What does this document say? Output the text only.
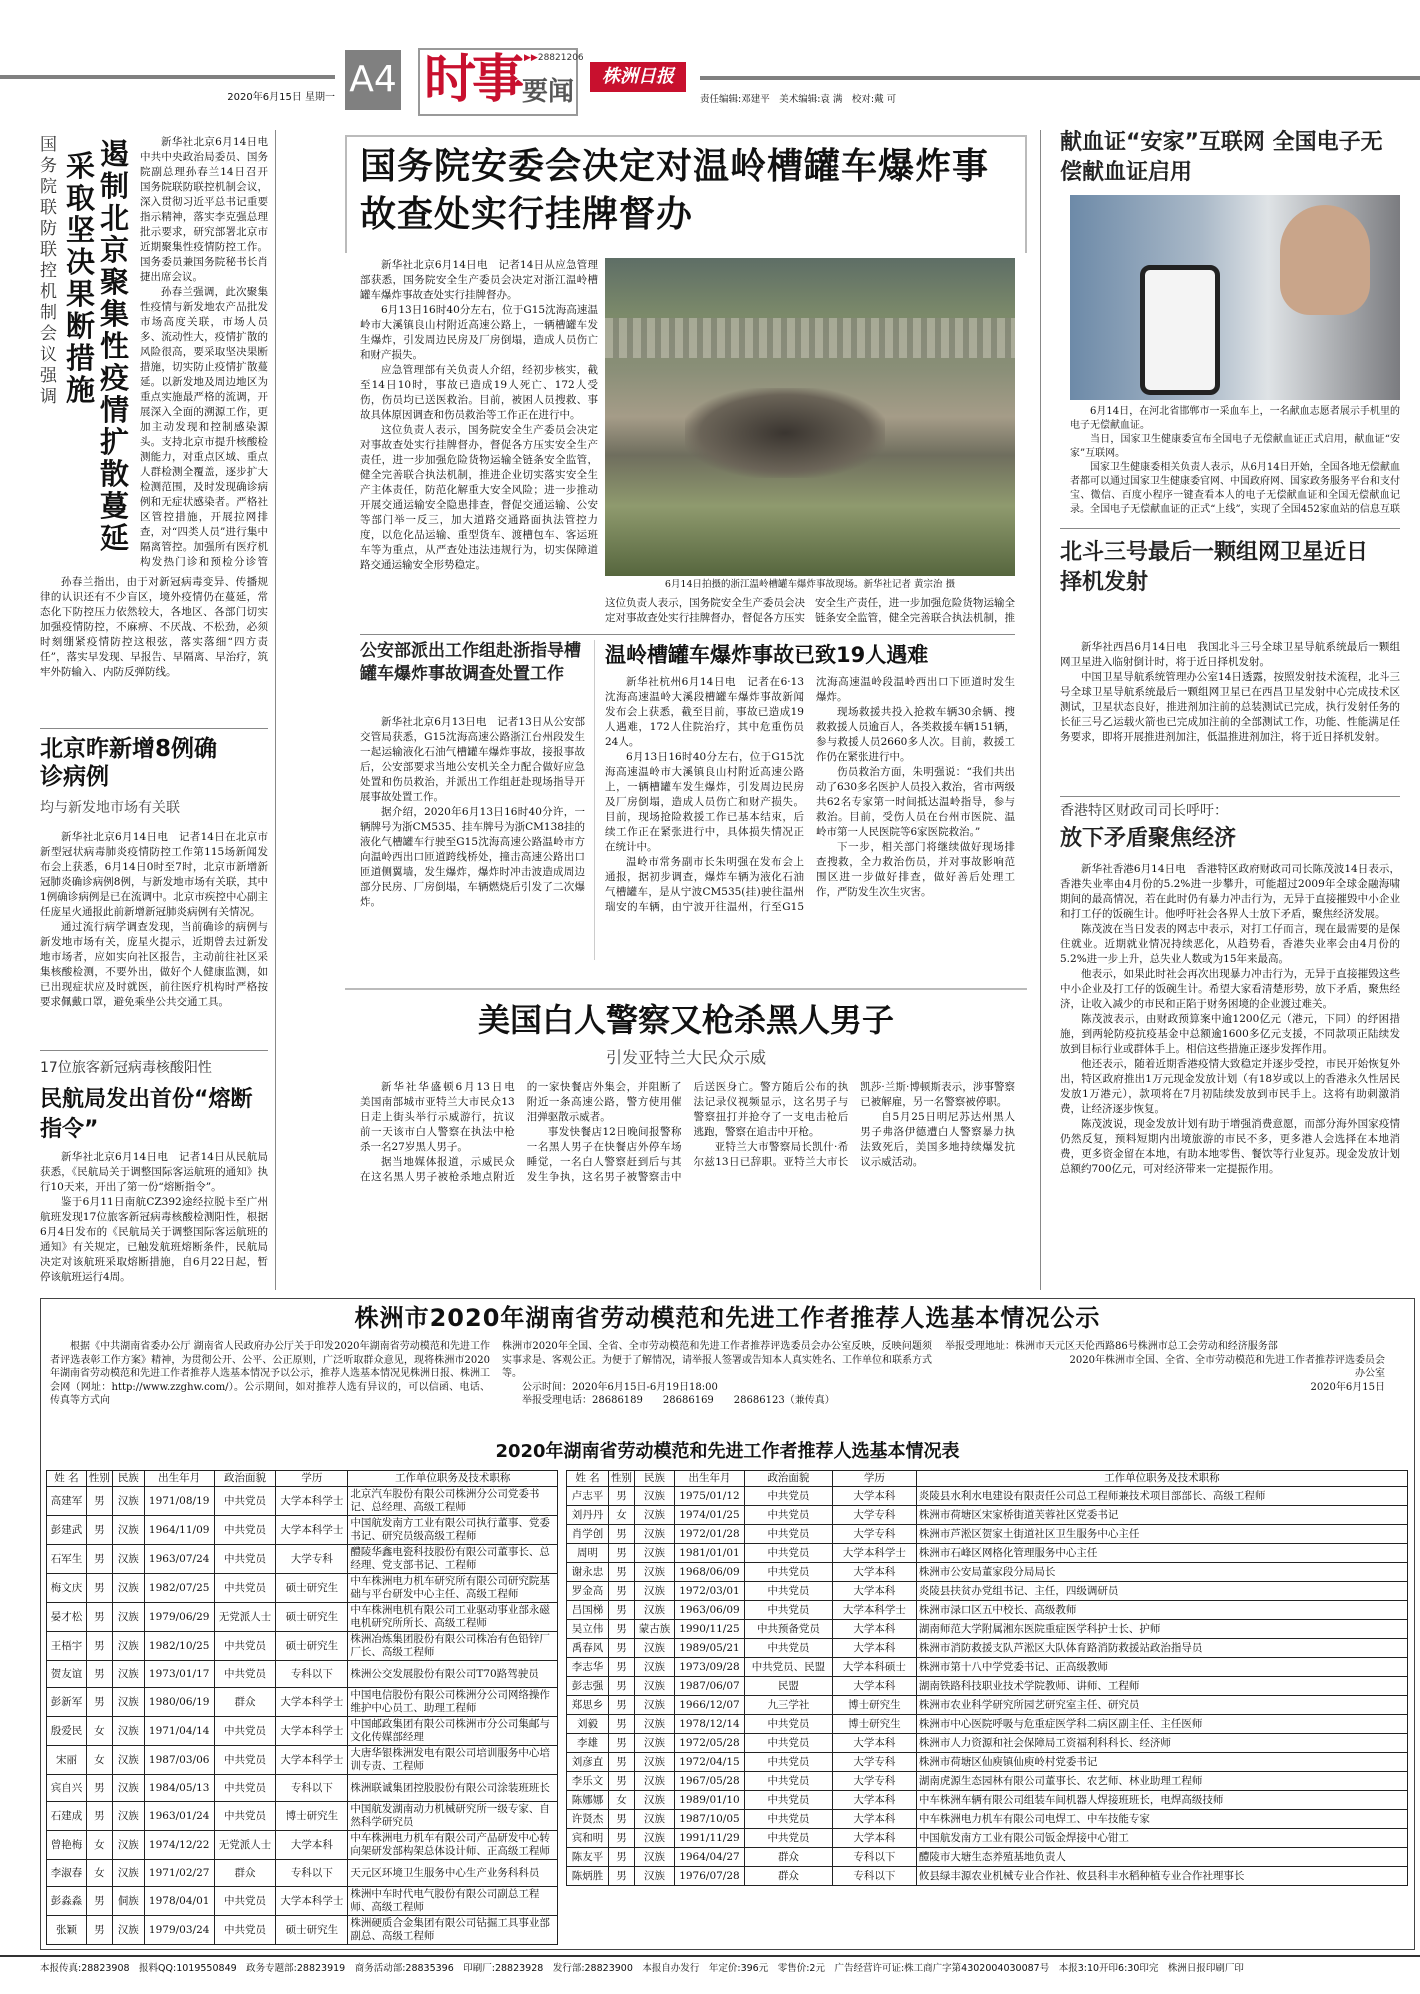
2020年6月15日 星期一 A4 时事 要闻
▶▶28821206
株洲日报
责任编辑:邓建平　美术编辑:袁 满　校对:戴 可
国务院联防联控机制会议强调
采取坚决果断措施
遏制北京聚集性疫情扩散蔓延

新华社北京6月14日电　中共中央政治局委员、国务院副总理孙春兰14日召开国务院联防联控机制会议，深入贯彻习近平总书记重要指示精神，落实李克强总理批示要求，研究部署北京市近期聚集性疫情防控工作。国务委员兼国务院秘书长肖捷出席会议。

孙春兰强调，此次聚集性疫情与新发地农产品批发市场高度关联，市场人员多、流动性大，疫情扩散的风险很高，要采取坚决果断措施，切实防止疫情扩散蔓延。以新发地及周边地区为重点实施最严格的流调，开展深入全面的溯源工作，更加主动发现和控制感染源头。支持北京市提升核酸检测能力，对重点区域、重点人群检测全覆盖，逐步扩大检测范围，及时发现确诊病例和无症状感染者。严格社区管控措施，开展拉网排查，对“四类人员”进行集中隔离管控。加强所有医疗机构发热门诊和预检分诊管

孙春兰指出，由于对新冠病毒变异、传播规律的认识还有不少盲区，境外疫情仍在蔓延，常态化下防控压力依然较大，各地区、各部门切实加强疫情防控，不麻痹、不厌战、不松劲，必须时刻绷紧疫情防控这根弦，落实落细“四方责任”，落实早发现、早报告、早隔离、早治疗，筑牢外防输入、内防反弹防线。

北京昨新增8例确诊病例
均与新发地市场有关联

新华社北京6月14日电　记者14日在北京市新型冠状病毒肺炎疫情防控工作第115场新闻发布会上获悉，6月14日0时至7时，北京市新增新冠肺炎确诊病例8例，与新发地市场有关联，其中1例确诊病例是已在流调中。北京市疾控中心副主任庞星火通报此前新增新冠肺炎病例有关情况。

通过流行病学调查发现，当前确诊的病例与新发地市场有关，庞星火提示，近期曾去过新发地市场者，应如实向社区报告，主动前往社区采集核酸检测，不要外出，做好个人健康监测，如已出现症状应及时就医，前往医疗机构时严格按要求佩戴口罩，避免乘坐公共交通工具。

17位旅客新冠病毒核酸阳性
民航局发出首份“熔断指令”

新华社北京6月14日电　记者14日从民航局获悉，《民航局关于调整国际客运航班的通知》执行10天来，开出了第一份“熔断指令”。

鉴于6月11日南航CZ392途经拉脱卡至广州航班发现17位旅客新冠病毒核酸检测阳性，根据6月4日发布的《民航局关于调整国际客运航班的通知》有关规定，已触发航班熔断条件，民航局决定对该航班采取熔断措施，自6月22日起，暂停该航班运行4周。

国务院安委会决定对温岭槽罐车爆炸事故查处实行挂牌督办

新华社北京6月14日电　记者14日从应急管理部获悉，国务院安全生产委员会决定对浙江温岭槽罐车爆炸事故查处实行挂牌督办。

6月13日16时40分左右，位于G15沈海高速温岭市大溪镇良山村附近高速公路上，一辆槽罐车发生爆炸，引发周边民房及厂房倒塌，造成人员伤亡和财产损失。

应急管理部有关负责人介绍，经初步核实，截至14日10时，事故已造成19人死亡、172人受伤，伤员均已送医救治。目前，被困人员搜救、事故具体原因调查和伤员救治等工作正在进行中。

这位负责人表示，国务院安全生产委员会决定对事故查处实行挂牌督办，督促各方压实安全生产责任，进一步加强危险货物运输全链条安全监管，健全完善联合执法机制，推进企业切实落实安全生产主体责任，防范化解重大安全风险；进一步推动开展交通运输安全隐患排查，督促交通运输、公安等部门举一反三，加大道路交通路面执法管控力度，以危化品运输、重型货车、渡槽包车、客运班车等为重点，从严查处违法违规行为，切实保障道路交通运输安全形势稳定。

6月14日拍摄的浙江温岭槽罐车爆炸事故现场。新华社记者 黄宗治 摄

这位负责人表示，国务院安全生产委员会决定对事故查处实行挂牌督办，督促各方压实安全生产责任，进一步加强危险货物运输全链条安全监管，健全完善联合执法机制，推

公安部派出工作组赴浙指导槽罐车爆炸事故调查处置工作

新华社北京6月13日电　记者13日从公安部交管局获悉，G15沈海高速公路浙江台州段发生一起运输液化石油气槽罐车爆炸事故，接报事故后，公安部要求当地公安机关全力配合做好应急处置和伤员救治，并派出工作组赶赴现场指导开展事故处置工作。

据介绍，2020年6月13日16时40分许，一辆牌号为浙CM535、挂车牌号为浙CM138挂的液化气槽罐车行驶至G15沈海高速公路温岭市方向温岭西出口匝道跨线桥处，撞击高速公路出口匝道侧翼墙，发生爆炸，爆炸时冲击波造成周边部分民房、厂房倒塌，车辆燃烧后引发了二次爆炸。

温岭槽罐车爆炸事故已致19人遇难

新华社杭州6月14日电　记者在6·13沈海高速温岭大溪段槽罐车爆炸事故新闻发布会上获悉，截至目前，事故已造成19人遇难，172人住院治疗，其中危重伤员24人。

6月13日16时40分左右，位于G15沈海高速温岭市大溪镇良山村附近高速公路上，一辆槽罐车发生爆炸，引发周边民房及厂房倒塌，造成人员伤亡和财产损失。目前，现场抢险救援工作已基本结束，后续工作正在紧张进行中，具体损失情况正在统计中。

温岭市常务副市长朱明强在发布会上通报，据初步调查，爆炸车辆为液化石油气槽罐车，是从宁波CM535(挂)驶往温州瑞安的车辆，由宁波开往温州，行至G15沈海高速温岭段温岭西出口下匝道时发生爆炸。

现场救援共投入抢救车辆30余辆、搜救救援人员逾百人，各类救援车辆151辆，参与救援人员2660多人次。目前，救援工作仍在紧张进行中。

伤员救治方面，朱明强说：“我们共出动了630多名医护人员投入救治，省市两级共62名专家第一时间抵达温岭指导，参与救治。目前，受伤人员在台州市医院、温岭市第一人民医院等6家医院救治。”

下一步，相关部门将继续做好现场排查搜救，全力救治伤员，并对事故影响范围区进一步做好排查，做好善后处理工作，严防发生次生灾害。

美国白人警察又枪杀黑人男子
引发亚特兰大民众示威

新华社华盛顿6月13日电　美国南部城市亚特兰大市民众13日走上街头举行示威游行，抗议前一天该市白人警察在执法中枪杀一名27岁黑人男子。

据当地媒体报道，示威民众在这名黑人男子被枪杀地点附近的一家快餐店外集会，并阻断了附近一条高速公路，警方使用催泪弹驱散示威者。

事发快餐店12日晚间报警称一名黑人男子在快餐店外停车场睡觉，一名白人警察赶到后与其发生争执，这名男子被警察击中后送医身亡。警方随后公布的执法记录仪视频显示，这名男子与警察扭打并抢夺了一支电击枪后逃跑，警察在追击中开枪。

亚特兰大市警察局长凯什·希尔兹13日已辞职。亚特兰大市长凯莎·兰斯·博顿斯表示，涉事警察已被解雇，另一名警察被停职。

自5月25日明尼苏达州黑人男子弗洛伊德遭白人警察暴力执法致死后，美国多地持续爆发抗议示威活动。

献血证“安家”互联网 全国电子无偿献血证启用

6月14日，在河北省邯郸市一采血车上，一名献血志愿者展示手机里的电子无偿献血证。

当日，国家卫生健康委宣布全国电子无偿献血证正式启用，献血证“安家”互联网。

国家卫生健康委相关负责人表示，从6月14日开始，全国各地无偿献血者都可以通过国家卫生健康委官网、中国政府网、国家政务服务平台和支付宝、微信、百度小程序一键查看本人的电子无偿献血证和全国无偿献血记录。全国电子无偿献血证的正式“上线”，实现了全国452家血站的信息互联　

北斗三号最后一颗组网卫星近日择机发射

新华社西昌6月14日电　我国北斗三号全球卫星导航系统最后一颗组网卫星进入临射倒计时，将于近日择机发射。

中国卫星导航系统管理办公室14日透露，按照发射技术流程，北斗三号全球卫星导航系统最后一颗组网卫星已在西昌卫星发射中心完成技术区测试，卫星状态良好，推进剂加注前的总装测试已完成，执行发射任务的长征三号乙运载火箭也已完成加注前的全部测试工作，功能、性能满足任务要求，即将开展推进剂加注，低温推进剂加注，将于近日择机发射。

香港特区财政司司长呼吁：
放下矛盾聚焦经济

新华社香港6月14日电　香港特区政府财政司司长陈茂波14日表示，香港失业率由4月份的5.2%进一步攀升，可能超过2009年全球金融海啸期间的最高情况，若在此时仍有暴力冲击行为，无异于直接摧毁中小企业和打工仔的饭碗生计。他呼吁社会各界人士放下矛盾，聚焦经济发展。

陈茂波在当日发表的网志中表示，对打工仔而言，现在最需要的是保住就业。近期就业情况持续恶化，从趋势看，香港失业率会由4月份的5.2%进一步上升，总失业人数或为15年来最高。

他表示，如果此时社会再次出现暴力冲击行为，无异于直接摧毁这些中小企业及打工仔的饭碗生计。希望大家看清楚形势，放下矛盾，聚焦经济，让收入减少的市民和正陷于财务困境的企业渡过难关。

陈茂波表示，由财政预算案中逾1200亿元（港元，下同）的纾困措施，到两轮防疫抗疫基金中总额逾1600多亿元支援，不同款项正陆续发放到目标行业或群体手上。相信这些措施正逐步发挥作用。

他还表示，随着近期香港疫情大致稳定并逐步受控，市民开始恢复外出，特区政府推出1万元现金发放计划（有18岁或以上的香港永久性居民发放1万港元），款项将在7月初陆续发放到市民手上。这将有助刺激消费，让经济逐步恢复。

陈茂波说，现金发放计划有助于增强消费意愿，而部分海外国家疫情仍然反复，预料短期内出境旅游的市民不多，更多港人会选择在本地消费，更多资金留在本地，有助本地零售、餐饮等行业复苏。现金发放计划总额约700亿元，可对经济带来一定提振作用。

株洲市2020年湖南省劳动模范和先进工作者推荐人选基本情况公示
根据《中共湖南省委办公厅 湖南省人民政府办公厅关于印发2020年湖南省劳动模范和先进工作者评选表彰工作方案》精神，为贯彻公开、公平、公正原则，广泛听取群众意见，现将株洲市2020年湖南省劳动模范和先进工作者推荐人选基本情况予以公示，推荐人选基本情况见株洲日报、株洲工会网（网址：http://www.zzghw.com/）。公示期间，如对推荐人选有异议的，可以信函、电话、传真等方式向
株洲市2020年全国、全省、全市劳动模范和先进工作者推荐评选委员会办公室反映，反映问题须实事求是、客观公正。为便于了解情况，请举报人签署或告知本人真实姓名、工作单位和联系方式等。
公示时间：2020年6月15日-6月19日18:00
举报受理电话：28686189　　28686169　　28686123（兼传真）
举报受理地址：株洲市天元区天伦西路86号株洲市总工会劳动和经济服务部
2020年株洲市全国、全省、全市劳动模范和先进工作者推荐评选委员会办公室
2020年6月15日
2020年湖南省劳动模范和先进工作者推荐人选基本情况表
姓 名	性别	民族	出生年月	政治面貌	学历	工作单位职务及技术职称
高建军	男	汉族	1971/08/19	中共党员	大学本科学士	北京汽车股份有限公司株洲分公司党委书记、总经理、高级工程师
彭建武	男	汉族	1964/11/09	中共党员	大学本科学士	中国航发南方工业有限公司执行董事、党委书记、研究员级高级工程师
石军生	男	汉族	1963/07/24	中共党员	大学专科	醴陵华鑫电瓷科技股份有限公司董事长、总经理、党支部书记、工程师
梅文庆	男	汉族	1982/07/25	中共党员	硕士研究生	中车株洲电力机车研究所有限公司研究院基础与平台研发中心主任、高级工程师
晏才松	男	汉族	1979/06/29	无党派人士	硕士研究生	中车株洲电机有限公司工业驱动事业部永磁电机研究所所长、高级工程师
王梧宇	男	汉族	1982/10/25	中共党员	硕士研究生	株洲冶炼集团股份有限公司株冶有色铅锌厂厂长、高级工程师
贺友谊	男	汉族	1973/01/17	中共党员	专科以下	株洲公交发展股份有限公司T70路驾驶员
彭新军	男	汉族	1980/06/19	群众	大学本科学士	中国电信股份有限公司株洲分公司网络操作维护中心员工、助理工程师
殷爱民	女	汉族	1971/04/14	中共党员	大学本科学士	中国邮政集团有限公司株洲市分公司集邮与文化传媒部经理
宋丽	女	汉族	1987/03/06	中共党员	大学本科学士	大唐华银株洲发电有限公司培训服务中心培训专责、工程师
宾自兴	男	汉族	1984/05/13	中共党员	专科以下	株洲联诚集团控股股份有限公司涂装班班长
石建成	男	汉族	1963/01/24	中共党员	博士研究生	中国航发湖南动力机械研究所一级专家、自然科学研究员
曾艳梅	女	汉族	1974/12/22	无党派人士	大学本科	中车株洲电力机车有限公司产品研发中心转向架研发部构架总体设计师、正高级工程师
李淑春	女	汉族	1971/02/27	群众	专科以下	天元区环境卫生服务中心生产业务科科员
彭淼淼	男	侗族	1978/04/01	中共党员	大学本科学士	株洲中车时代电气股份有限公司副总工程师、高级工程师
张颖	男	汉族	1979/03/24	中共党员	硕士研究生	株洲硬质合金集团有限公司钻掘工具事业部副总、高级工程师
姓 名	性别	民族	出生年月	政治面貌	学历	工作单位职务及技术职称
卢志平	男	汉族	1975/01/12	中共党员	大学本科	炎陵县水利水电建设有限责任公司总工程师兼技术项目部部长、高级工程师
刘丹丹	女	汉族	1974/01/25	中共党员	大学专科	株洲市荷塘区宋家桥街道芙蓉社区党委书记
肖学创	男	汉族	1972/01/28	中共党员	大学专科	株洲市芦淞区贺家土街道社区卫生服务中心主任
周明	男	汉族	1981/01/01	中共党员	大学本科学士	株洲市石峰区网格化管理服务中心主任
谢永忠	男	汉族	1968/06/09	中共党员	大学本科	株洲市公安局董家段分局局长
罗金高	男	汉族	1972/03/01	中共党员	大学本科	炎陵县扶贫办党组书记、主任，四级调研员
吕国梯	男	汉族	1963/06/09	中共党员	大学本科学士	株洲市渌口区五中校长、高级教师
吴立伟	男	蒙古族	1990/11/25	中共预备党员	大学本科	湖南师范大学附属湘东医院重症医学科护士长、护师
禹春风	男	汉族	1989/05/21	中共党员	大学本科	株洲市消防救援支队芦淞区大队体育路消防救援站政治指导员
李志华	男	汉族	1973/09/28	中共党员、民盟	大学本科硕士	株洲市第十八中学党委书记、正高级教师
彭志强	男	汉族	1987/06/07	民盟	大学本科	湖南铁路科技职业技术学院教师、讲师、工程师
郑思乡	男	汉族	1966/12/07	九三学社	博士研究生	株洲市农业科学研究所园艺研究室主任、研究员
刘毅	男	汉族	1978/12/14	中共党员	博士研究生	株洲市中心医院呼吸与危重症医学科二病区副主任、主任医师
李雄	男	汉族	1972/05/28	中共党员	大学本科	株洲市人力资源和社会保障局工资福利科科长、经济师
刘彦直	男	汉族	1972/04/15	中共党员	大学专科	株洲市荷塘区仙庾镇仙庾岭村党委书记
李乐文	男	汉族	1967/05/28	中共党员	大学专科	湖南虎源生态园林有限公司董事长、农艺师、林业助理工程师
陈娜娜	女	汉族	1989/01/10	中共党员	大学本科	中车株洲车辆有限公司组装车间机器人焊接班班长，电焊高级技师
许贤杰	男	汉族	1987/10/05	中共党员	大学本科	中车株洲电力机车有限公司电焊工、中车技能专家
宾和明	男	汉族	1991/11/29	中共党员	大学本科	中国航发南方工业有限公司钣金焊接中心钳工
陈友平	男	汉族	1964/04/27	群众	专科以下	醴陵市大塘生态养殖基地负责人
陈炳胜	男	汉族	1976/07/28	群众	专科以下	攸县绿丰源农业机械专业合作社、攸县科丰水稻种植专业合作社理事长
本报传真:28823908　报料QQ:1019550849　政务专题部:28823919　商务活动部:28835396　印刷厂:28823928　发行部:28823900　本报自办发行　年定价:396元　零售价:2元　广告经营许可证:株工商广字第4302004030087号　本报3:10开印6:30印完　株洲日报印刷厂印
